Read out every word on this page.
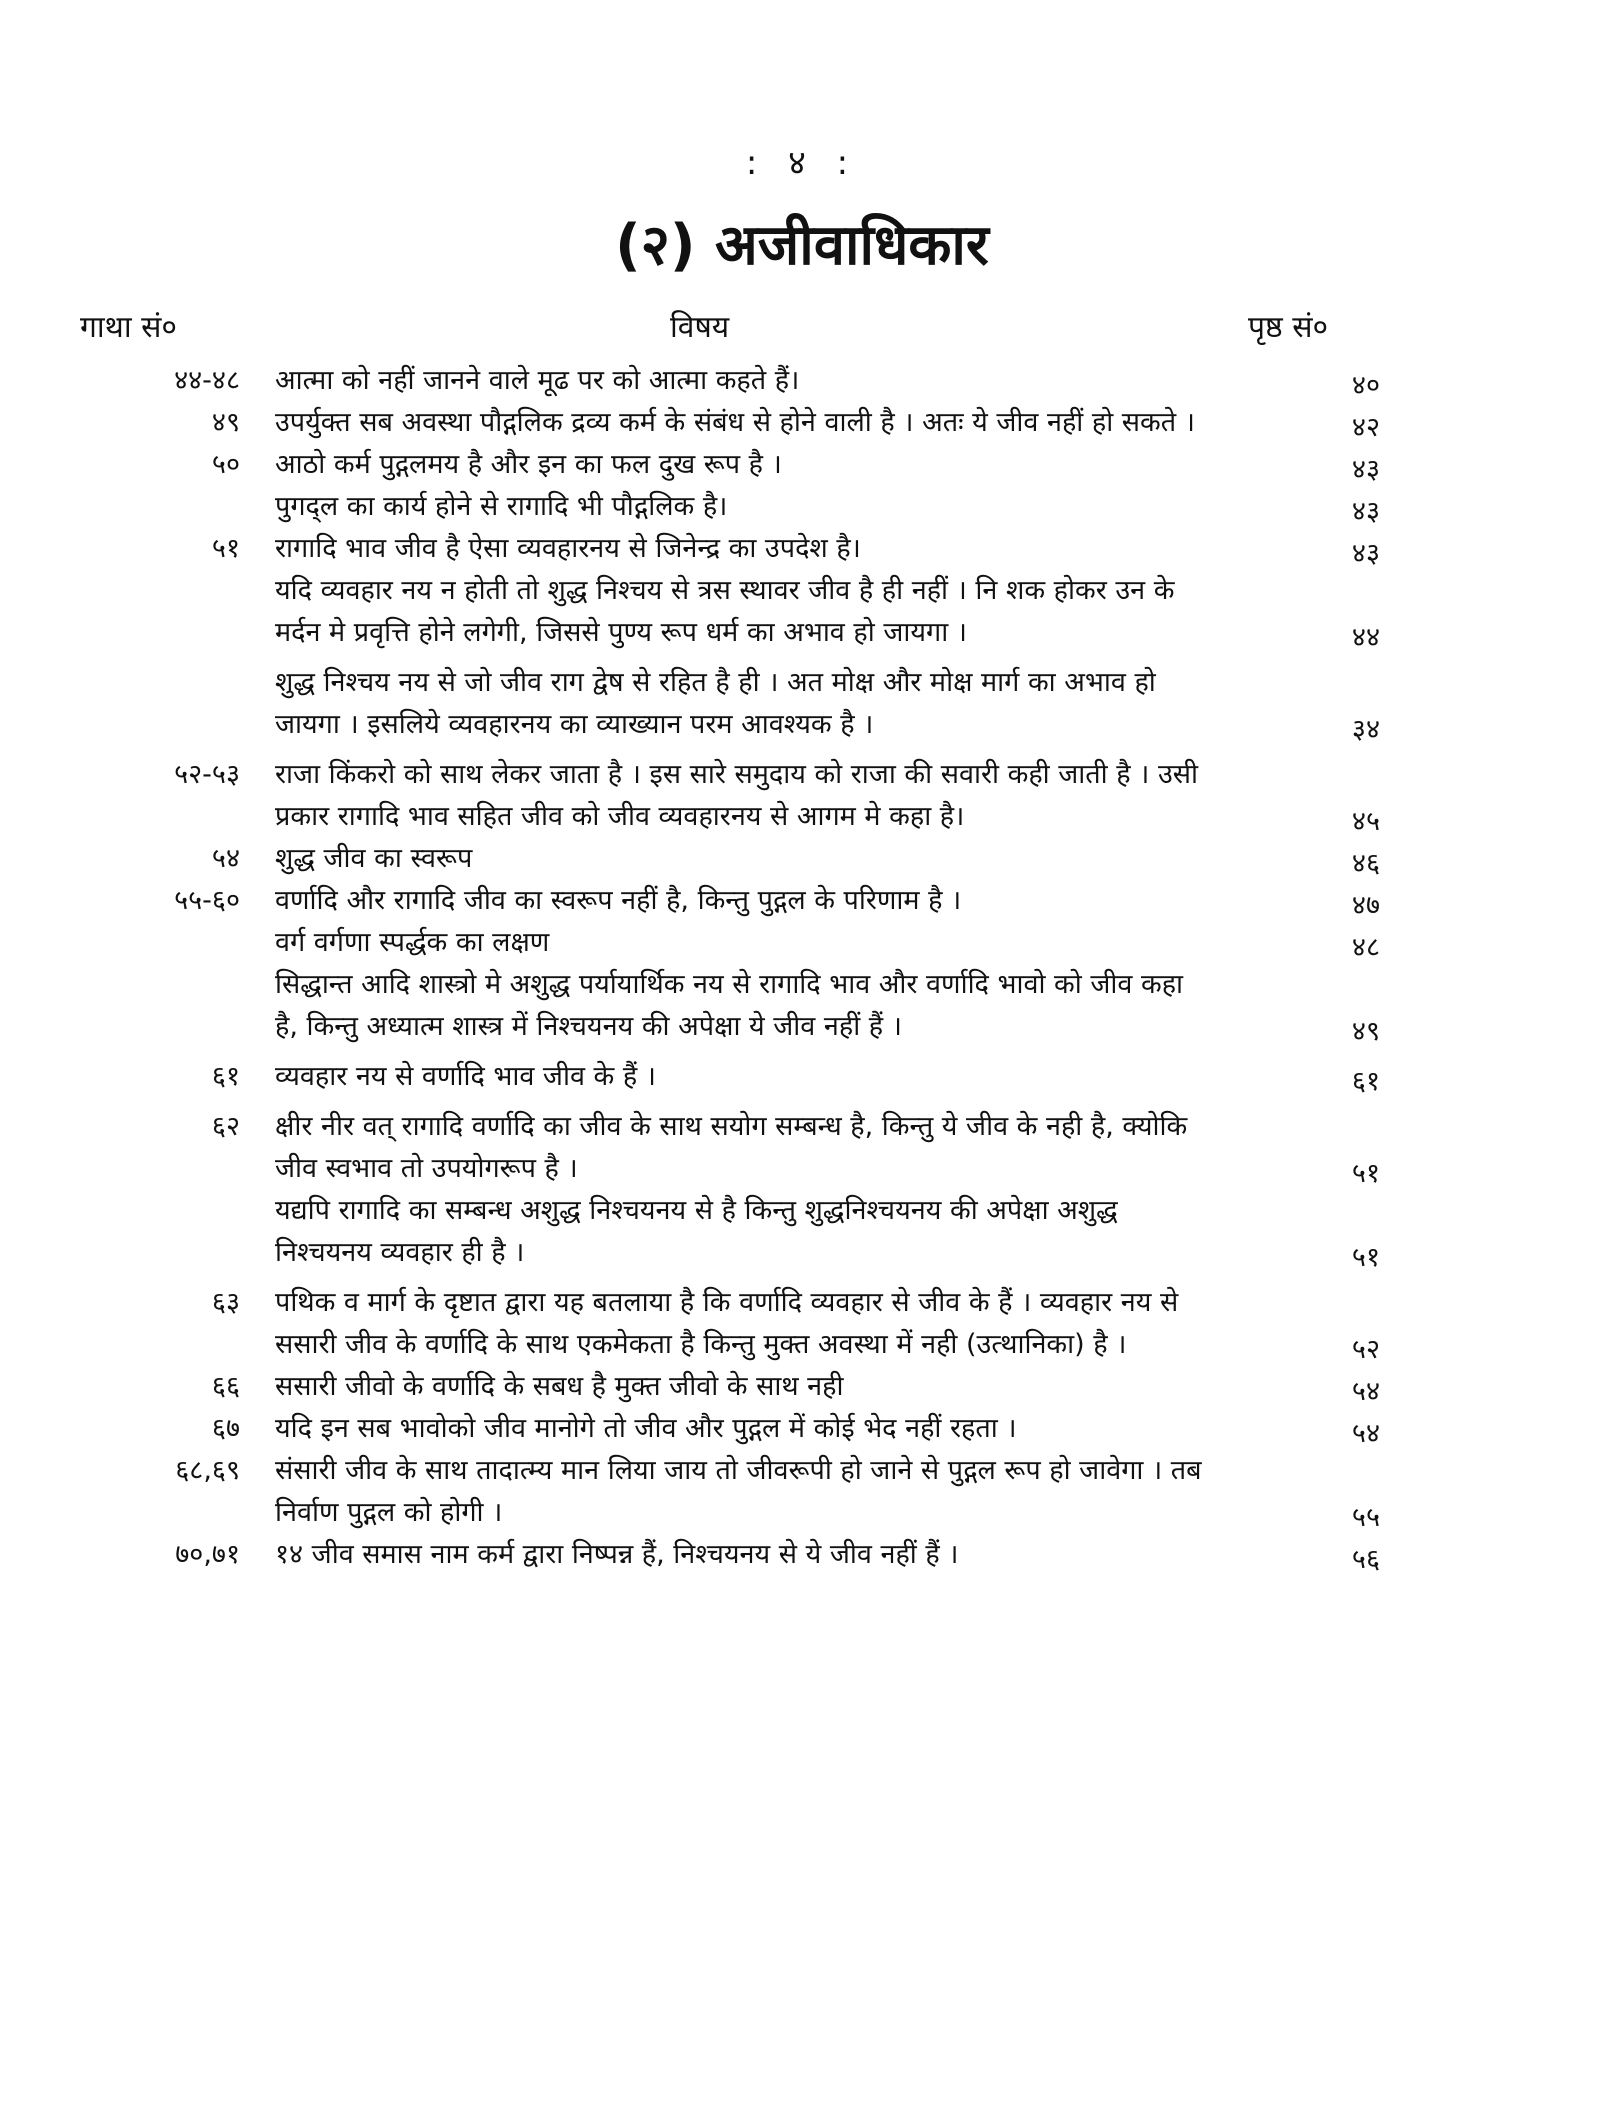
: ४ :
(२) अजीवाधिकार
गाथा सं०	विषय	पृष्ठ सं०
४४-४८ आत्मा को नहीं जानने वाले मूढ पर को आत्मा कहते हैं।	४०
४९ उपर्युक्त सब अवस्था पौद्गलिक द्रव्य कर्म के संबंध से होने वाली है । अतः ये जीव नहीं हो सकते ।	४२
५० आठो कर्म पुद्गलमय है और इन का फल दुख रूप है ।	४३
पुगद्ल का कार्य होने से रागादि भी पौद्गलिक है।	४३
५१ रागादि भाव जीव है ऐसा व्यवहारनय से जिनेन्द्र का उपदेश है।	४३
यदि व्यवहार नय न होती तो शुद्ध निश्चय से त्रस स्थावर जीव है ही नहीं । नि शक होकर उन के मर्दन मे प्रवृत्ति होने लगेगी, जिससे पुण्य रूप धर्म का अभाव हो जायगा ।	४४
शुद्ध निश्चय नय से जो जीव राग द्वेष से रहित है ही । अत मोक्ष और मोक्ष मार्ग का अभाव हो जायगा । इसलिये व्यवहारनय का व्याख्यान परम आवश्यक है ।	३४
५२-५३ राजा किंकरो को साथ लेकर जाता है । इस सारे समुदाय को राजा की सवारी कही जाती है । उसी प्रकार रागादि भाव सहित जीव को जीव व्यवहारनय से आगम मे कहा है।	४५
५४ शुद्ध जीव का स्वरूप	४६
५५-६० वर्णादि और रागादि जीव का स्वरूप नहीं है, किन्तु पुद्गल के परिणाम है ।	४७
वर्ग वर्गणा स्पर्द्धक का लक्षण	४८
सिद्धान्त आदि शास्त्रो मे अशुद्ध पर्यायार्थिक नय से रागादि भाव और वर्णादि भावो को जीव कहा है, किन्तु अध्यात्म शास्त्र में निश्चयनय की अपेक्षा ये जीव नहीं हैं ।	४९
६१ व्यवहार नय से वर्णादि भाव जीव के हैं ।	६१
६२ क्षीर नीर वत् रागादि वर्णादि का जीव के साथ सयोग सम्बन्ध है, किन्तु ये जीव के नही है, क्योकि जीव स्वभाव तो उपयोगरूप है ।	५१
यद्यपि रागादि का सम्बन्ध अशुद्ध निश्चयनय से है किन्तु शुद्धनिश्चयनय की अपेक्षा अशुद्ध निश्चयनय व्यवहार ही है ।	५१
६३ पथिक व मार्ग के दृष्टात द्वारा यह बतलाया है कि वर्णादि व्यवहार से जीव के हैं । व्यवहार नय से ससारी जीव के वर्णादि के साथ एकमेकता है किन्तु मुक्त अवस्था में नही (उत्थानिका) है ।	५२
६६ ससारी जीवो के वर्णादि के सबध है मुक्त जीवो के साथ नही	५४
६७ यदि इन सब भावोको जीव मानोगे तो जीव और पुद्गल में कोई भेद नहीं रहता ।	५४
६८,६९ संसारी जीव के साथ तादात्म्य मान लिया जाय तो जीवरूपी हो जाने से पुद्गल रूप हो जावेगा । तब निर्वाण पुद्गल को होगी ।	५५
७०,७१ १४ जीव समास नाम कर्म द्वारा निष्पन्न हैं, निश्चयनय से ये जीव नहीं हैं ।	५६
